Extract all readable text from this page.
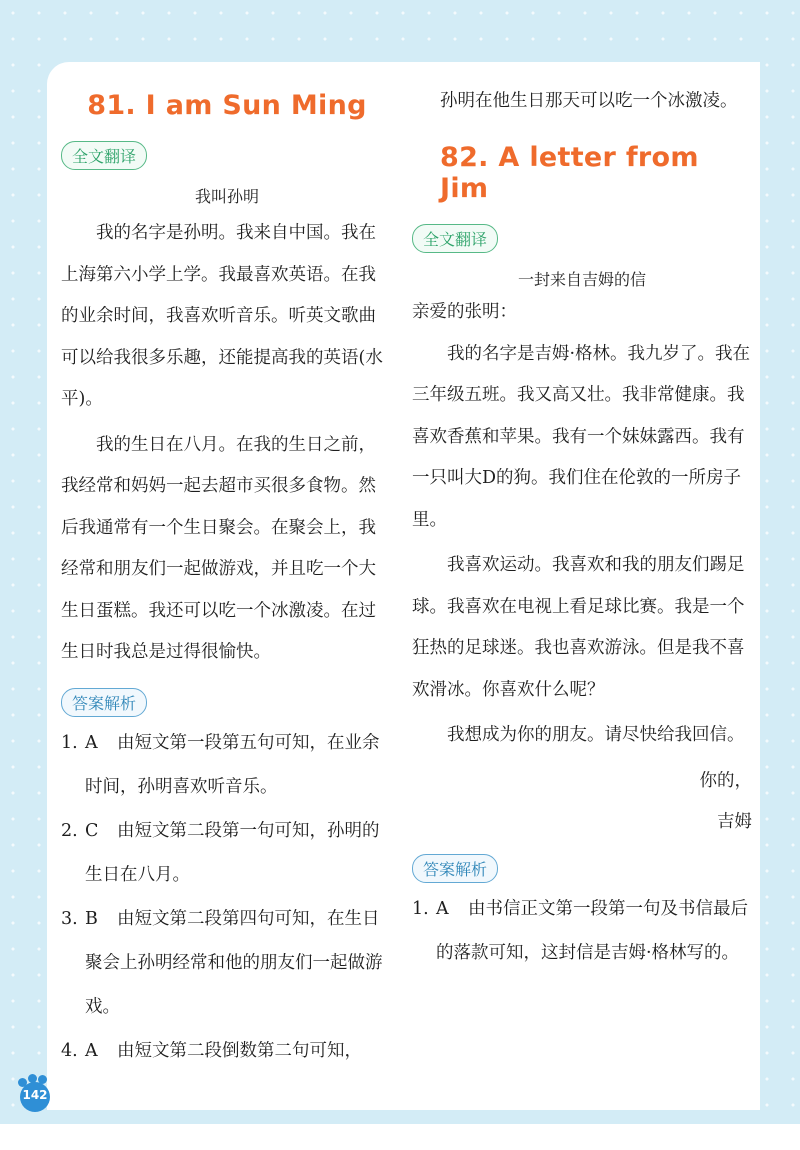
81. I am Sun Ming
全文翻译
我叫孙明

我的名字是孙明。我来自中国。我在上海第六小学上学。我最喜欢英语。在我的业余时间，我喜欢听音乐。听英文歌曲可以给我很多乐趣，还能提高我的英语(水平)。

我的生日在八月。在我的生日之前，我经常和妈妈一起去超市买很多食物。然后我通常有一个生日聚会。在聚会上，我经常和朋友们一起做游戏，并且吃一个大生日蛋糕。我还可以吃一个冰激凌。在过生日时我总是过得很愉快。

答案解析

1. A 由短文第一段第五句可知，在业余时间，孙明喜欢听音乐。

2. C 由短文第二段第一句可知，孙明的生日在八月。

3. B 由短文第二段第四句可知，在生日聚会上孙明经常和他的朋友们一起做游戏。

4. A 由短文第二段倒数第二句可知，

孙明在他生日那天可以吃一个冰激凌。

82. A letter from Jim
全文翻译
一封来自吉姆的信

亲爱的张明：

我的名字是吉姆·格林。我九岁了。我在三年级五班。我又高又壮。我非常健康。我喜欢香蕉和苹果。我有一个妹妹露西。我有一只叫大D的狗。我们住在伦敦的一所房子里。

我喜欢运动。我喜欢和我的朋友们踢足球。我喜欢在电视上看足球比赛。我是一个狂热的足球迷。我也喜欢游泳。但是我不喜欢滑冰。你喜欢什么呢？

我想成为你的朋友。请尽快给我回信。

你的，
吉姆
答案解析

1. A 由书信正文第一段第一句及书信最后的落款可知，这封信是吉姆·格林写的。

142
